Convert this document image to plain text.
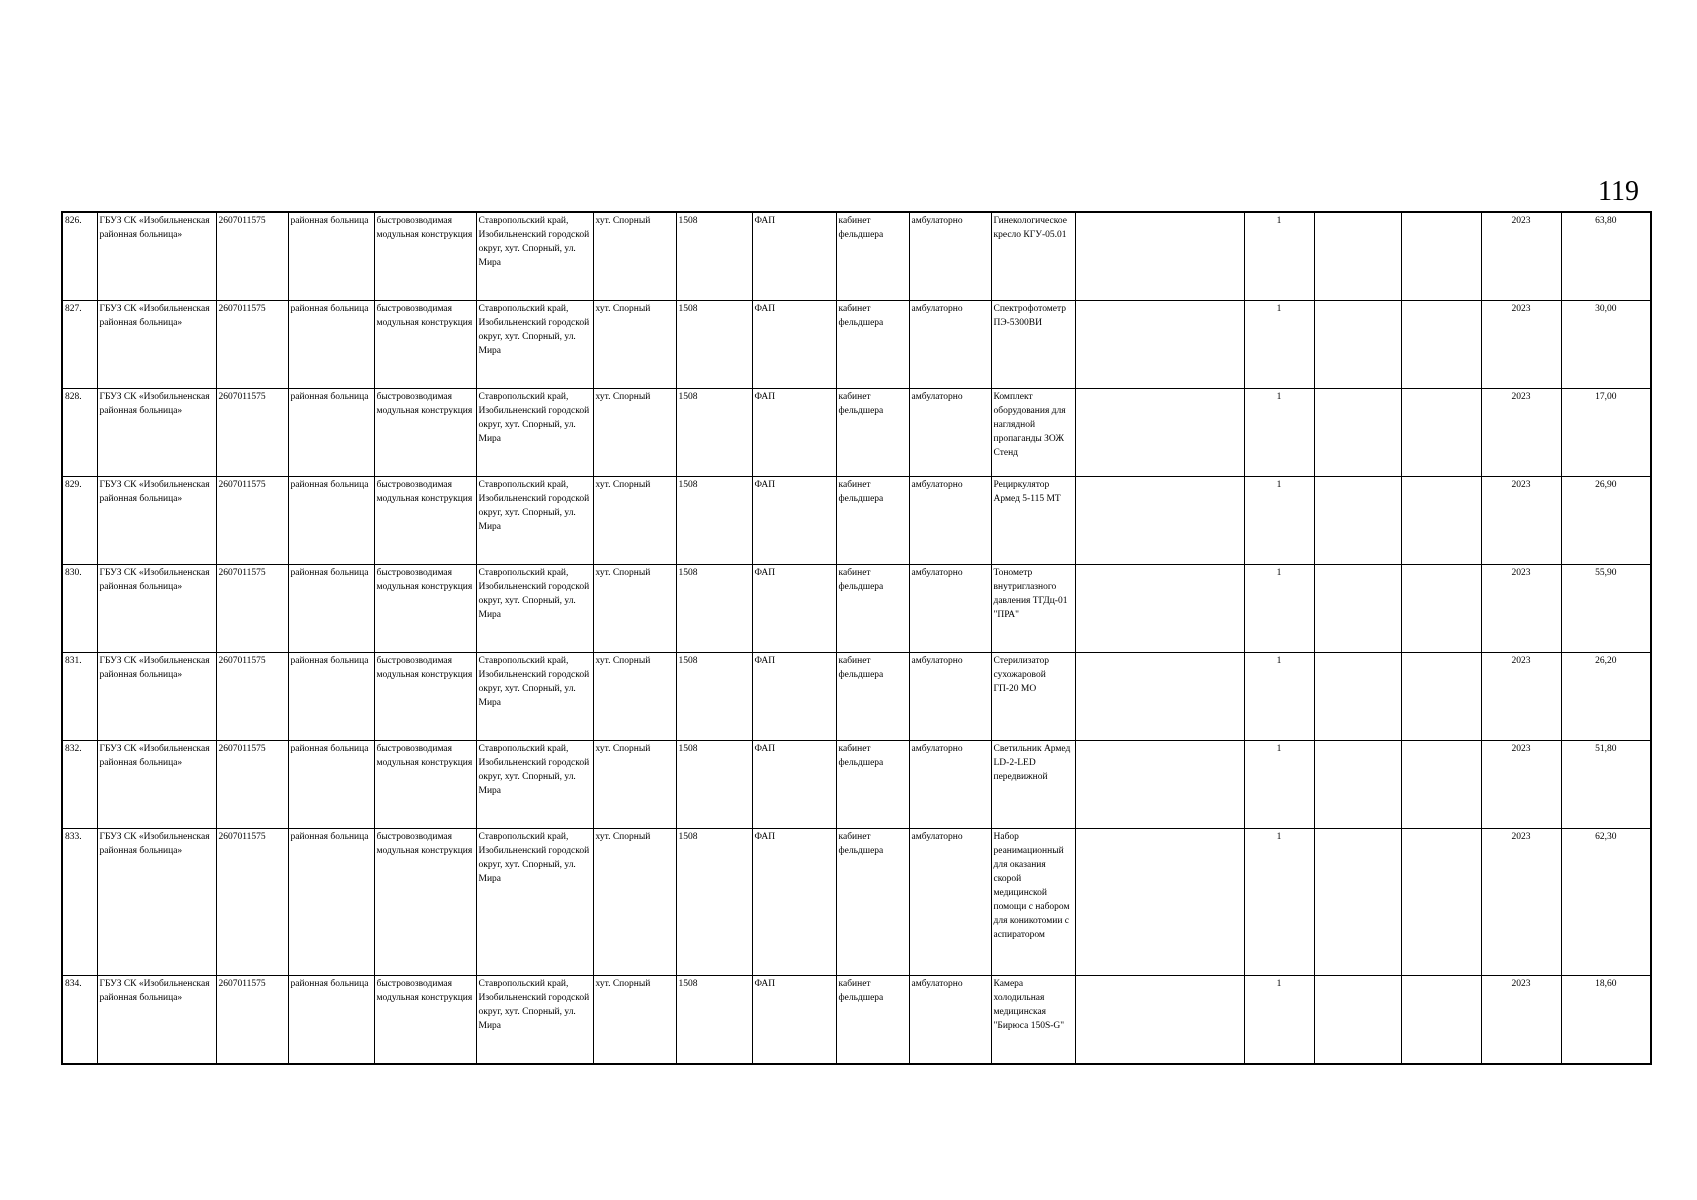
119
826.	ГБУЗ СК «Изобильненская районная больница»	2607011575	районная больница	быстровозводимая модульная конструкция	Ставропольский край, Изобильненский городской округ, хут. Спорный, ул. Мира	хут. Спорный	1508	ФАП	кабинет фельдшера	амбулаторно	Гинекологическое кресло КГУ-05.01		1			2023	63,80
827.	ГБУЗ СК «Изобильненская районная больница»	2607011575	районная больница	быстровозводимая модульная конструкция	Ставропольский край, Изобильненский городской округ, хут. Спорный, ул. Мира	хут. Спорный	1508	ФАП	кабинет фельдшера	амбулаторно	Спектрофотометр ПЭ-5300ВИ		1			2023	30,00
828.	ГБУЗ СК «Изобильненская районная больница»	2607011575	районная больница	быстровозводимая модульная конструкция	Ставропольский край, Изобильненский городской округ, хут. Спорный, ул. Мира	хут. Спорный	1508	ФАП	кабинет фельдшера	амбулаторно	Комплект оборудования для наглядной пропаганды ЗОЖ Стенд		1			2023	17,00
829.	ГБУЗ СК «Изобильненская районная больница»	2607011575	районная больница	быстровозводимая модульная конструкция	Ставропольский край, Изобильненский городской округ, хут. Спорный, ул. Мира	хут. Спорный	1508	ФАП	кабинет фельдшера	амбулаторно	Рециркулятор Армед 5-115 МТ		1			2023	26,90
830.	ГБУЗ СК «Изобильненская районная больница»	2607011575	районная больница	быстровозводимая модульная конструкция	Ставропольский край, Изобильненский городской округ, хут. Спорный, ул. Мира	хут. Спорный	1508	ФАП	кабинет фельдшера	амбулаторно	Тонометр внутриглазного давления ТГДц-01 "ПРА"		1			2023	55,90
831.	ГБУЗ СК «Изобильненская районная больница»	2607011575	районная больница	быстровозводимая модульная конструкция	Ставропольский край, Изобильненский городской округ, хут. Спорный, ул. Мира	хут. Спорный	1508	ФАП	кабинет фельдшера	амбулаторно	Стерилизатор сухожаровой ГП-20 МО		1			2023	26,20
832.	ГБУЗ СК «Изобильненская районная больница»	2607011575	районная больница	быстровозводимая модульная конструкция	Ставропольский край, Изобильненский городской округ, хут. Спорный, ул. Мира	хут. Спорный	1508	ФАП	кабинет фельдшера	амбулаторно	Светильник Армед LD-2-LED передвижной		1			2023	51,80
833.	ГБУЗ СК «Изобильненская районная больница»	2607011575	районная больница	быстровозводимая модульная конструкция	Ставропольский край, Изобильненский городской округ, хут. Спорный, ул. Мира	хут. Спорный	1508	ФАП	кабинет фельдшера	амбулаторно	Набор реанимационный для оказания скорой медицинской помощи с набором для коникотомии с аспиратором		1			2023	62,30
834.	ГБУЗ СК «Изобильненская районная больница»	2607011575	районная больница	быстровозводимая модульная конструкция	Ставропольский край, Изобильненский городской округ, хут. Спорный, ул. Мира	хут. Спорный	1508	ФАП	кабинет фельдшера	амбулаторно	Камера холодильная медицинская "Бирюса 150S-G"		1			2023	18,60
